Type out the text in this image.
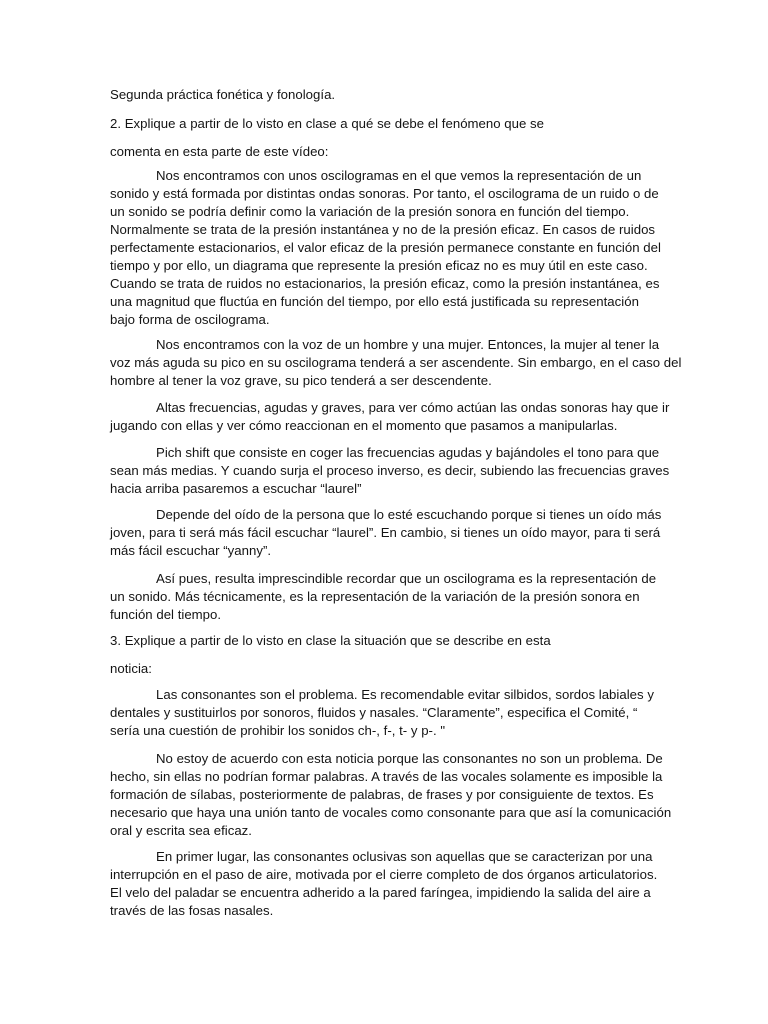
Segunda práctica fonética y fonología.
2. Explique a partir de lo visto en clase a qué se debe el fenómeno que se
comenta en esta parte de este vídeo:
Nos encontramos con unos oscilogramas en el que vemos la representación de un
sonido y está formada por distintas ondas sonoras. Por tanto, el oscilograma de un ruido o de
un sonido se podría definir como la variación de la presión sonora en función del tiempo.
Normalmente se trata de la presión instantánea y no de la presión eficaz. En casos de ruidos
perfectamente estacionarios, el valor eficaz de la presión permanece constante en función del
tiempo y por ello, un diagrama que represente la presión eficaz no es muy útil en este caso.
Cuando se trata de ruidos no estacionarios, la presión eficaz, como la presión instantánea, es
una magnitud que fluctúa en función del tiempo, por ello está justificada su representación
bajo forma de oscilograma.
Nos encontramos con la voz de un hombre y una mujer. Entonces, la mujer al tener la
voz más aguda su pico en su oscilograma tenderá a ser ascendente. Sin embargo, en el caso del
hombre al tener la voz grave, su pico tenderá a ser descendente.
Altas frecuencias, agudas y graves, para ver cómo actúan las ondas sonoras hay que ir
jugando con ellas y ver cómo reaccionan en el momento que pasamos a manipularlas.
Pich shift que consiste en coger las frecuencias agudas y bajándoles el tono para que
sean más medias. Y cuando surja el proceso inverso, es decir, subiendo las frecuencias graves
hacia arriba pasaremos a escuchar “laurel”
Depende del oído de la persona que lo esté escuchando porque si tienes un oído más
joven, para ti será más fácil escuchar “laurel”. En cambio, si tienes un oído mayor, para ti será
más fácil escuchar “yanny”.
Así pues, resulta imprescindible recordar que un oscilograma es la representación de
un sonido. Más técnicamente, es la representación de la variación de la presión sonora en
función del tiempo.
3. Explique a partir de lo visto en clase la situación que se describe en esta
noticia:
Las consonantes son el problema. Es recomendable evitar silbidos, sordos labiales y
dentales y sustituirlos por sonoros, fluidos y nasales. “Claramente”, especifica el Comité, “
sería una cuestión de prohibir los sonidos ch-, f-, t- y p-. "
No estoy de acuerdo con esta noticia porque las consonantes no son un problema. De
hecho, sin ellas no podrían formar palabras. A través de las vocales solamente es imposible la
formación de sílabas, posteriormente de palabras, de frases y por consiguiente de textos. Es
necesario que haya una unión tanto de vocales como consonante para que así la comunicación
oral y escrita sea eficaz.
En primer lugar, las consonantes oclusivas son aquellas que se caracterizan por una
interrupción en el paso de aire, motivada por el cierre completo de dos órganos articulatorios.
El velo del paladar se encuentra adherido a la pared faríngea, impidiendo la salida del aire a
través de las fosas nasales.
